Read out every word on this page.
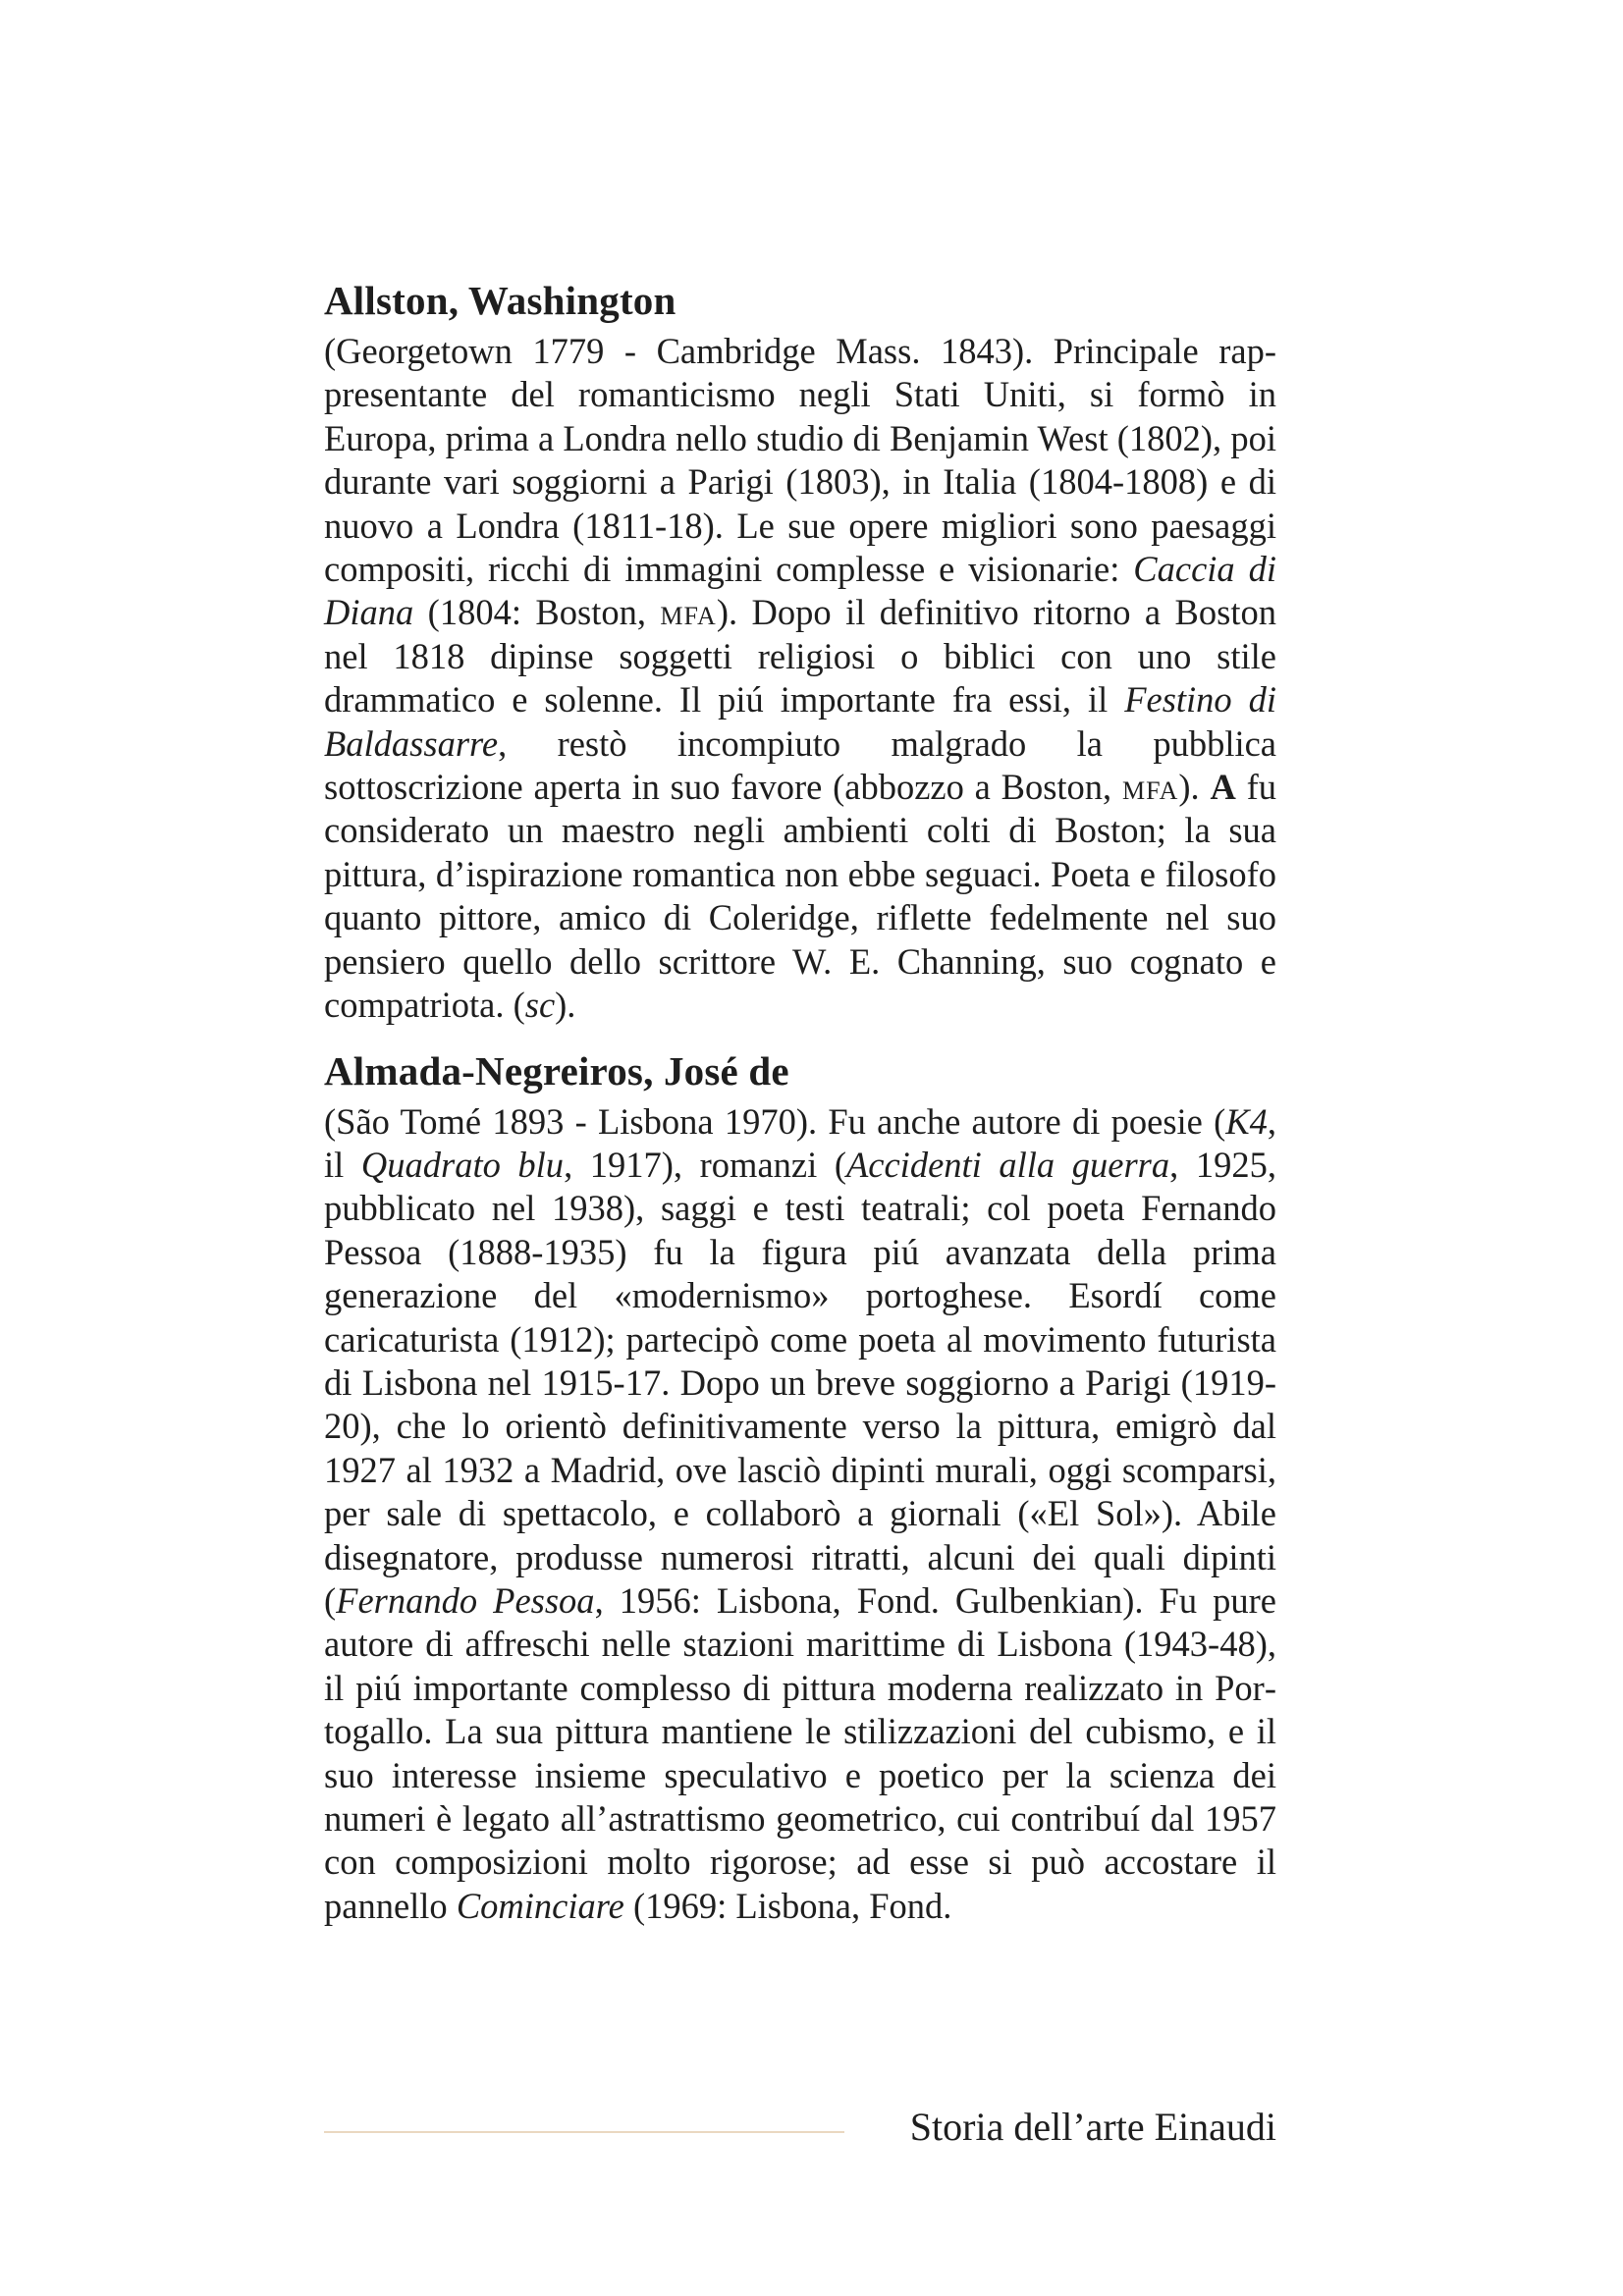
Allston, Washington

(Georgetown 1779 - Cambridge Mass. 1843). Principale rappresentante del romanticismo negli Stati Uniti, si formò in Europa, prima a Londra nello studio di Benjamin West (1802), poi durante vari soggiorni a Parigi (1803), in Italia (1804-1808) e di nuovo a Londra (1811-18). Le sue opere migliori sono paesaggi compositi, ricchi di immagini complesse e visionarie: Caccia di Diana (1804: Boston, mfa). Dopo il definitivo ritorno a Boston nel 1818 dipinse soggetti religiosi o biblici con uno stile drammatico e solenne. Il piú importante fra essi, il Festino di Baldassarre, restò incompiuto malgrado la pubblica sottoscrizione aperta in suo favore (abbozzo a Boston, mfa). A fu considerato un maestro negli ambienti colti di Boston; la sua pittura, d’ispirazione romantica non ebbe seguaci. Poeta e filosofo quanto pittore, amico di Coleridge, riflette fedelmente nel suo pensiero quello dello scrittore W. E. Channing, suo cognato e compatriota. (sc).

Almada-Negreiros, José de

(São Tomé 1893 - Lisbona 1970). Fu anche autore di poesie (K4, il Quadrato blu, 1917), romanzi (Accidenti alla guerra, 1925, pubblicato nel 1938), saggi e testi teatrali; col poeta Fernando Pessoa (1888-1935) fu la figura piú avanzata della prima generazione del «modernismo» portoghese. Esordí come caricaturista (1912); partecipò come poeta al movimento futurista di Lisbona nel 1915-17. Dopo un breve soggiorno a Parigi (1919-20), che lo orientò definitivamente verso la pittura, emigrò dal 1927 al 1932 a Madrid, ove lasciò dipinti murali, oggi scomparsi, per sale di spettacolo, e collaborò a giornali («El Sol»). Abile disegnatore, produsse numerosi ritratti, alcuni dei quali dipinti (Fernando Pessoa, 1956: Lisbona, Fond. Gulbenkian). Fu pure autore di affreschi nelle stazioni marittime di Lisbona (1943-48), il piú importante complesso di pittura moderna realizzato in Portogallo. La sua pittura mantiene le stilizzazioni del cubismo, e il suo interesse insieme speculativo e poetico per la scienza dei numeri è legato all’astrattismo geometrico, cui contribuí dal 1957 con composizioni molto rigorose; ad esse si può accostare il pannello Cominciare (1969: Lisbona, Fond.

Storia dell’arte Einaudi
